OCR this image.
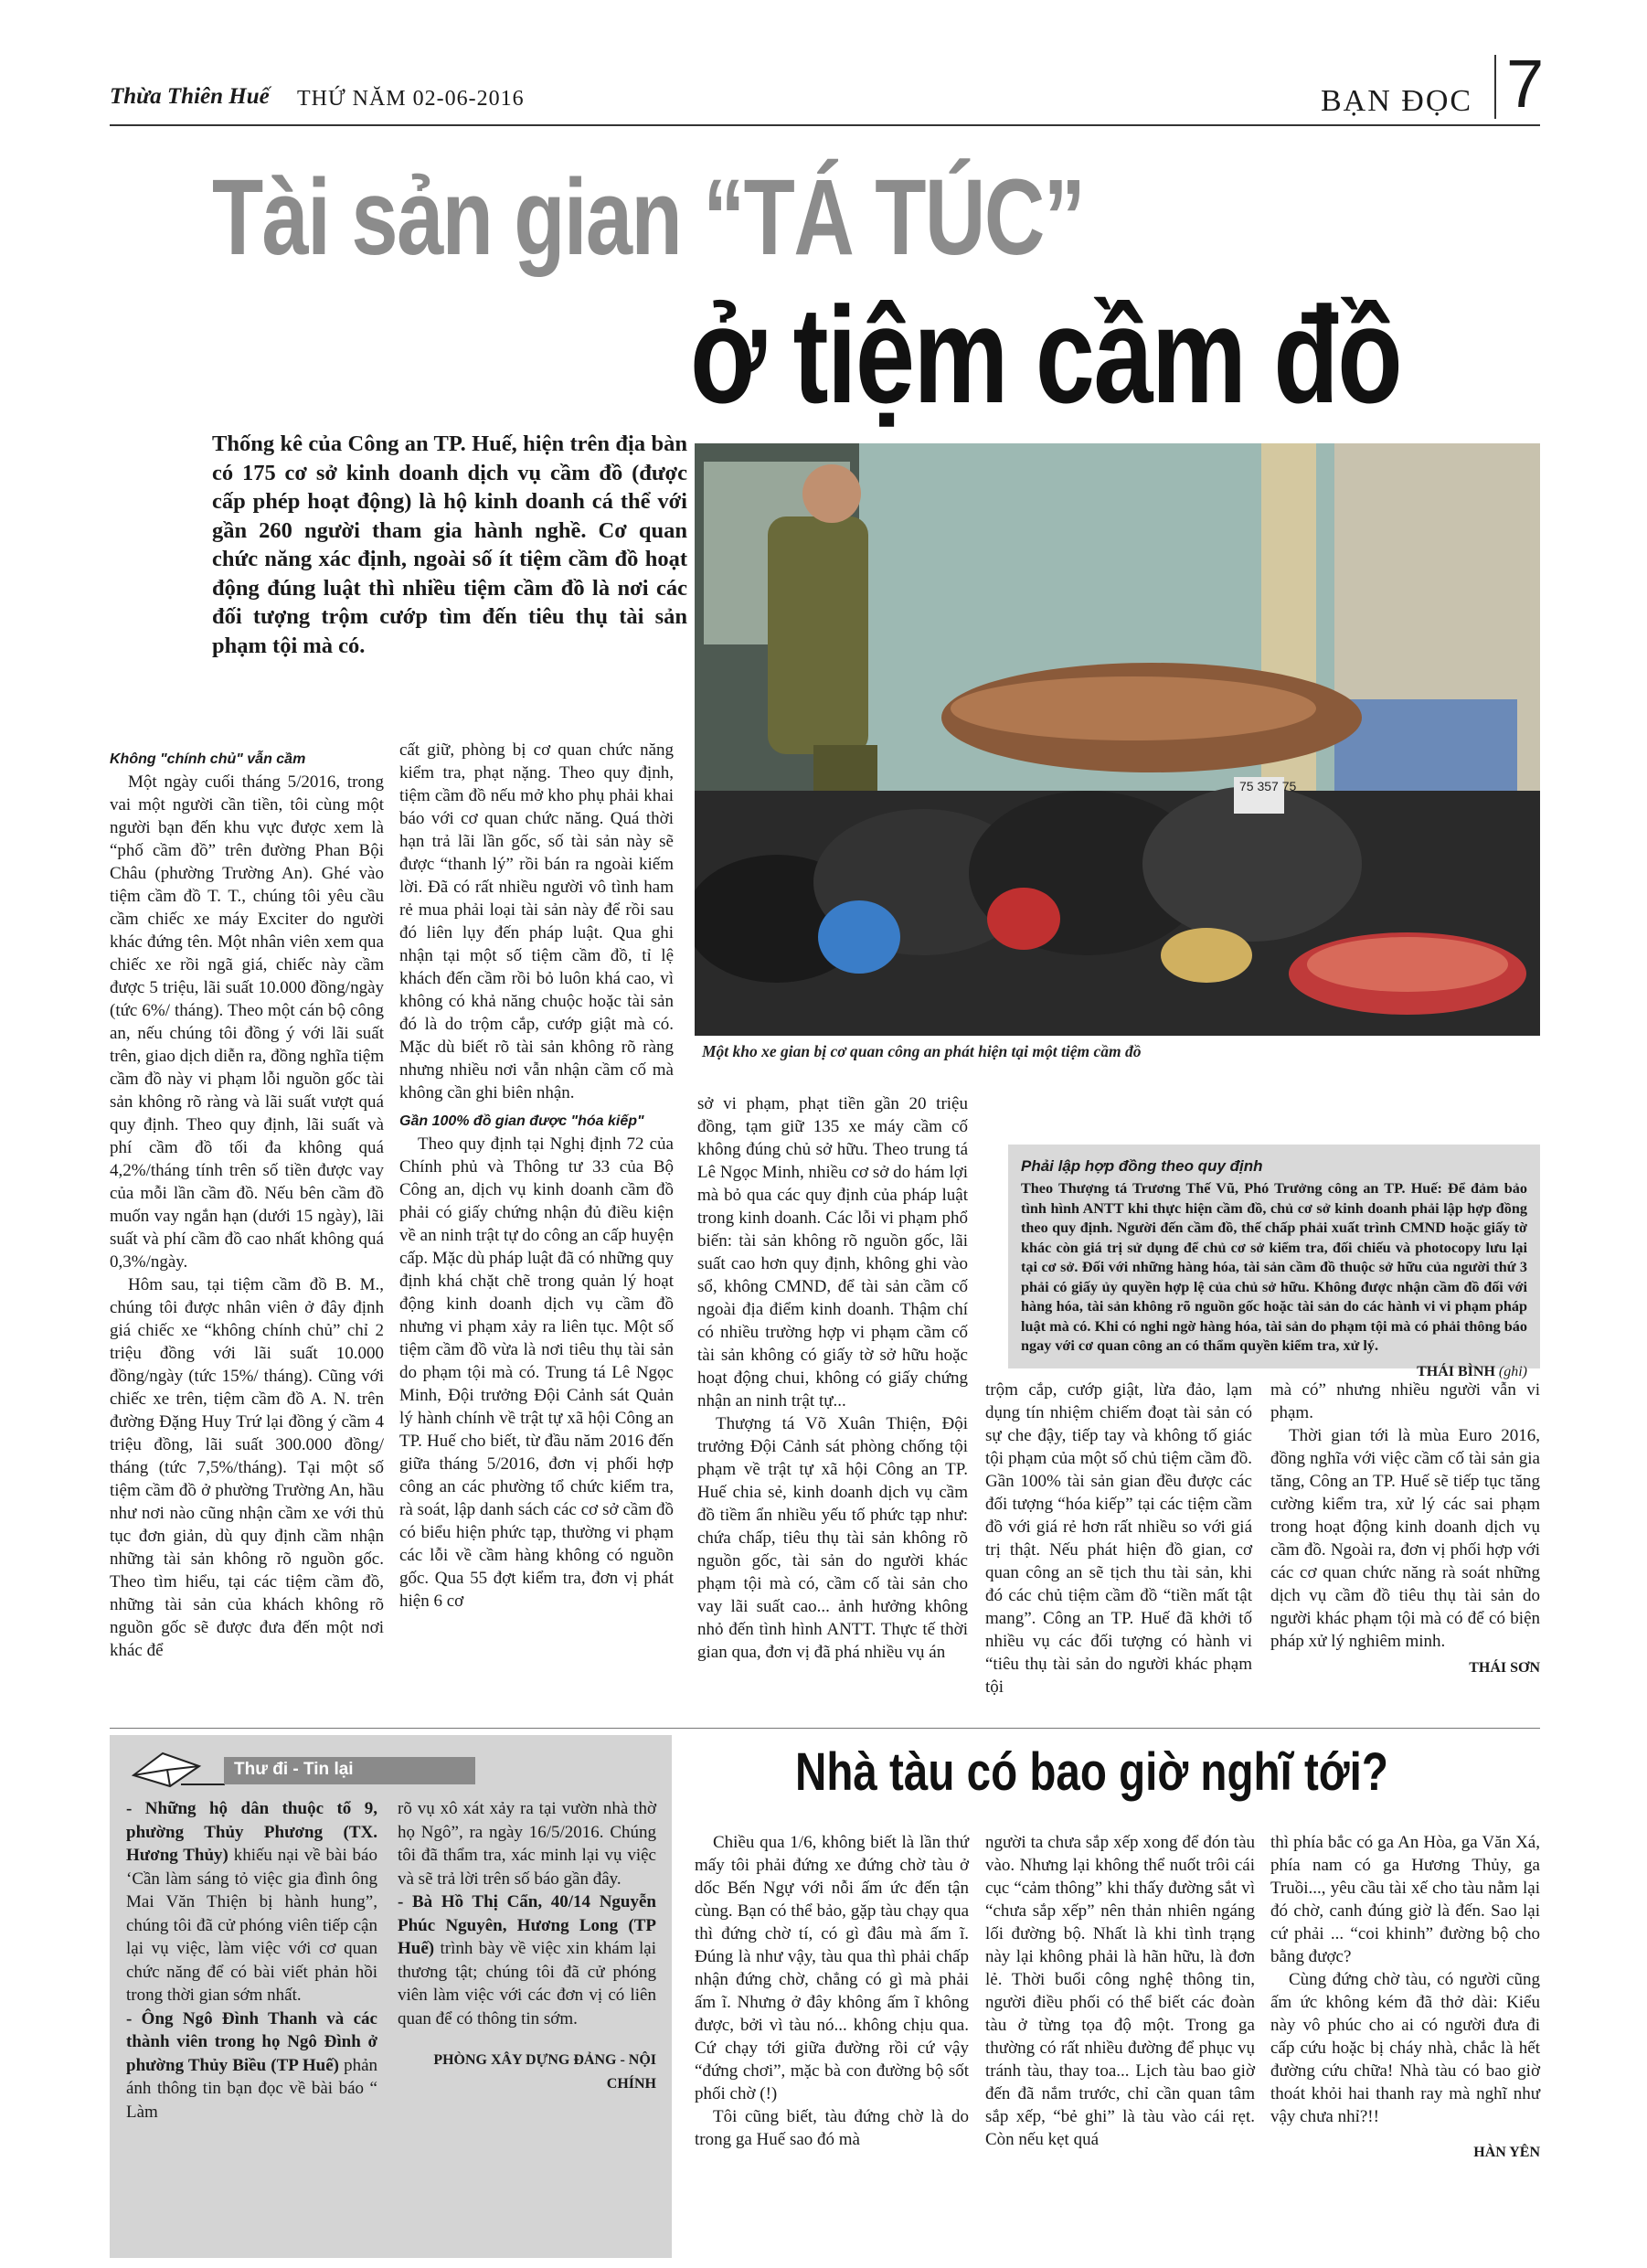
Thừa Thiên Huế THỨ NĂM 02-06-2016	BẠN ĐỌC 7
Tài sản gian “TÁ TÚC”
ở tiệm cầm đồ
Thống kê của Công an TP. Huế, hiện trên địa bàn có 175 cơ sở kinh doanh dịch vụ cầm đồ (được cấp phép hoạt động) là hộ kinh doanh cá thể với gần 260 người tham gia hành nghề. Cơ quan chức năng xác định, ngoài số ít tiệm cầm đồ hoạt động đúng luật thì nhiều tiệm cầm đồ là nơi các đối tượng trộm cướp tìm đến tiêu thụ tài sản phạm tội mà có.
75 357 75
Một kho xe gian bị cơ quan công an phát hiện tại một tiệm cầm đồ

Không "chính chủ" vẫn cầm

Một ngày cuối tháng 5/2016, trong vai một người cần tiền, tôi cùng một người bạn đến khu vực được xem là “phố cầm đồ” trên đường Phan Bội Châu (phường Trường An). Ghé vào tiệm cầm đồ T. T., chúng tôi yêu cầu cầm chiếc xe máy Exciter do người khác đứng tên. Một nhân viên xem qua chiếc xe rồi ngã giá, chiếc này cầm được 5 triệu, lãi suất 10.000 đồng/ngày (tức 6%/ tháng). Theo một cán bộ công an, nếu chúng tôi đồng ý với lãi suất trên, giao dịch diễn ra, đồng nghĩa tiệm cầm đồ này vi phạm lỗi nguồn gốc tài sản không rõ ràng và lãi suất vượt quá quy định. Theo quy định, lãi suất và phí cầm đồ tối đa không quá 4,2%/tháng tính trên số tiền được vay của mỗi lần cầm đồ. Nếu bên cầm đồ muốn vay ngắn hạn (dưới 15 ngày), lãi suất và phí cầm đồ cao nhất không quá 0,3%/ngày.

Hôm sau, tại tiệm cầm đồ B. M., chúng tôi được nhân viên ở đây định giá chiếc xe “không chính chủ” chỉ 2 triệu đồng với lãi suất 10.000 đồng/ngày (tức 15%/ tháng). Cũng với chiếc xe trên, tiệm cầm đồ A. N. trên đường Đặng Huy Trứ lại đồng ý cầm 4 triệu đồng, lãi suất 300.000 đồng/ tháng (tức 7,5%/tháng). Tại một số tiệm cầm đồ ở phường Trường An, hầu như nơi nào cũng nhận cầm xe với thủ tục đơn giản, dù quy định cầm nhận những tài sản không rõ nguồn gốc. Theo tìm hiểu, tại các tiệm cầm đồ, những tài sản của khách không rõ nguồn gốc sẽ được đưa đến một nơi khác để

cất giữ, phòng bị cơ quan chức năng kiểm tra, phạt nặng. Theo quy định, tiệm cầm đồ nếu mở kho phụ phải khai báo với cơ quan chức năng. Quá thời hạn trả lãi lần gốc, số tài sản này sẽ được “thanh lý” rồi bán ra ngoài kiếm lời. Đã có rất nhiều người vô tình ham rẻ mua phải loại tài sản này để rồi sau đó liên lụy đến pháp luật. Qua ghi nhận tại một số tiệm cầm đồ, tỉ lệ khách đến cầm rồi bỏ luôn khá cao, vì không có khả năng chuộc hoặc tài sản đó là do trộm cắp, cướp giật mà có. Mặc dù biết rõ tài sản không rõ ràng nhưng nhiều nơi vẫn nhận cầm cố mà không cần ghi biên nhận.

Gần 100% đồ gian được "hóa kiếp"

Theo quy định tại Nghị định 72 của Chính phủ và Thông tư 33 của Bộ Công an, dịch vụ kinh doanh cầm đồ phải có giấy chứng nhận đủ điều kiện về an ninh trật tự do công an cấp huyện cấp. Mặc dù pháp luật đã có những quy định khá chặt chẽ trong quản lý hoạt động kinh doanh dịch vụ cầm đồ nhưng vi phạm xảy ra liên tục. Một số tiệm cầm đồ vừa là nơi tiêu thụ tài sản do phạm tội mà có. Trung tá Lê Ngọc Minh, Đội trưởng Đội Cảnh sát Quản lý hành chính về trật tự xã hội Công an TP. Huế cho biết, từ đầu năm 2016 đến giữa tháng 5/2016, đơn vị phối hợp công an các phường tổ chức kiểm tra, rà soát, lập danh sách các cơ sở cầm đồ có biểu hiện phức tạp, thường vi phạm các lỗi về cầm hàng không có nguồn gốc. Qua 55 đợt kiểm tra, đơn vị phát hiện 6 cơ

sở vi phạm, phạt tiền gần 20 triệu đồng, tạm giữ 135 xe máy cầm cố không đúng chủ sở hữu. Theo trung tá Lê Ngọc Minh, nhiều cơ sở do hám lợi mà bỏ qua các quy định của pháp luật trong kinh doanh. Các lỗi vi phạm phổ biến: tài sản không rõ nguồn gốc, lãi suất cao hơn quy định, không ghi vào sổ, không CMND, để tài sản cầm cố ngoài địa điểm kinh doanh. Thậm chí có nhiều trường hợp vi phạm cầm cố tài sản không có giấy tờ sở hữu hoặc hoạt động chui, không có giấy chứng nhận an ninh trật tự...

Thượng tá Võ Xuân Thiện, Đội trưởng Đội Cảnh sát phòng chống tội phạm về trật tự xã hội Công an TP. Huế chia sẻ, kinh doanh dịch vụ cầm đồ tiềm ẩn nhiều yếu tố phức tạp như: chứa chấp, tiêu thụ tài sản không rõ nguồn gốc, tài sản do người khác phạm tội mà có, cầm cố tài sản cho vay lãi suất cao... ảnh hưởng không nhỏ đến tình hình ANTT. Thực tế thời gian qua, đơn vị đã phá nhiều vụ án

Phải lập hợp đồng theo quy định
Theo Thượng tá Trương Thế Vũ, Phó Trưởng công an TP. Huế: Để đảm bảo tình hình ANTT khi thực hiện cầm đồ, chủ cơ sở kinh doanh phải lập hợp đồng theo quy định. Người đến cầm đồ, thế chấp phải xuất trình CMND hoặc giấy tờ khác còn giá trị sử dụng để chủ cơ sở kiểm tra, đối chiếu và photocopy lưu lại tại cơ sở. Đối với những hàng hóa, tài sản cầm đồ thuộc sở hữu của người thứ 3 phải có giấy ủy quyền hợp lệ của chủ sở hữu. Không được nhận cầm đồ đối với hàng hóa, tài sản không rõ nguồn gốc hoặc tài sản do các hành vi vi phạm pháp luật mà có. Khi có nghi ngờ hàng hóa, tài sản do phạm tội mà có phải thông báo ngay với cơ quan công an có thẩm quyền kiểm tra, xử lý.
THÁI BÌNH (ghi)

trộm cắp, cướp giật, lừa đảo, lạm dụng tín nhiệm chiếm đoạt tài sản có sự che đậy, tiếp tay và không tố giác tội phạm của một số chủ tiệm cầm đồ. Gần 100% tài sản gian đều được các đối tượng “hóa kiếp” tại các tiệm cầm đồ với giá rẻ hơn rất nhiều so với giá trị thật. Nếu phát hiện đồ gian, cơ quan công an sẽ tịch thu tài sản, khi đó các chủ tiệm cầm đồ “tiền mất tật mang”. Công an TP. Huế đã khởi tố nhiều vụ các đối tượng có hành vi “tiêu thụ tài sản do người khác phạm tội

mà có” nhưng nhiều người vẫn vi phạm.

Thời gian tới là mùa Euro 2016, đồng nghĩa với việc cầm cố tài sản gia tăng, Công an TP. Huế sẽ tiếp tục tăng cường kiểm tra, xử lý các sai phạm trong hoạt động kinh doanh dịch vụ cầm đồ. Ngoài ra, đơn vị phối hợp với các cơ quan chức năng rà soát những dịch vụ cầm đồ tiêu thụ tài sản do người khác phạm tội mà có để có biện pháp xử lý nghiêm minh.

THÁI SƠN
Thư đi - Tin lại
- Những hộ dân thuộc tổ 9, phường Thủy Phương (TX. Hương Thủy) khiếu nại về bài báo ‘Cần làm sáng tỏ việc gia đình ông Mai Văn Thiện bị hành hung”, chúng tôi đã cử phóng viên tiếp cận lại vụ việc, làm việc với cơ quan chức năng để có bài viết phản hồi trong thời gian sớm nhất.
- Ông Ngô Đình Thanh và các thành viên trong họ Ngô Đình ở phường Thủy Biều (TP Huế) phản ánh thông tin bạn đọc về bài báo “ Làm
rõ vụ xô xát xảy ra tại vườn nhà thờ họ Ngô”, ra ngày 16/5/2016. Chúng tôi đã thẩm tra, xác minh lại vụ việc và sẽ trả lời trên số báo gần đây.
- Bà Hồ Thị Cẩn, 40/14 Nguyễn Phúc Nguyên, Hương Long (TP Huế) trình bày về việc xin khám lại thương tật; chúng tôi đã cử phóng viên làm việc với các đơn vị có liên quan để có thông tin sớm.
PHÒNG XÂY DỰNG ĐẢNG - NỘI CHÍNH
Nhà tàu có bao giờ nghĩ tới?

Chiều qua 1/6, không biết là lần thứ mấy tôi phải đứng xe đứng chờ tàu ở dốc Bến Ngự với nỗi ấm ức đến tận cùng. Bạn có thể bảo, gặp tàu chạy qua thì đứng chờ tí, có gì đâu mà ấm ĩ. Đúng là như vậy, tàu qua thì phải chấp nhận đứng chờ, chẳng có gì mà phải ấm ĩ. Nhưng ở đây không ấm ĩ không được, bởi vì tàu nó... không chịu qua. Cứ chạy tới giữa đường rồi cứ vậy “đứng chơi”, mặc bà con đường bộ sốt phối chờ (!)

Tôi cũng biết, tàu đứng chờ là do trong ga Huế sao đó mà

người ta chưa sắp xếp xong để đón tàu vào. Nhưng lại không thể nuốt trôi cái cục “cảm thông” khi thấy đường sắt vì “chưa sắp xếp” nên thản nhiên ngáng lối đường bộ. Nhất là khi tình trạng này lại không phải là hãn hữu, là đơn lẻ. Thời buổi công nghệ thông tin, người điều phối có thể biết các đoàn tàu ở từng tọa độ một. Trong ga thường có rất nhiều đường để phục vụ tránh tàu, thay toa... Lịch tàu bao giờ đến đã nắm trước, chỉ cần quan tâm sắp xếp, “bẻ ghi” là tàu vào cái rẹt. Còn nếu kẹt quá

thì phía bắc có ga An Hòa, ga Văn Xá, phía nam có ga Hương Thủy, ga Truồi..., yêu cầu tài xế cho tàu nằm lại đó chờ, canh đúng giờ là đến. Sao lại cứ phải ... “coi khinh” đường bộ cho bằng được?

Cùng đứng chờ tàu, có người cũng ấm ức không kém đã thở dài: Kiểu này vô phúc cho ai có người đưa đi cấp cứu hoặc bị cháy nhà, chắc là hết đường cứu chữa! Nhà tàu có bao giờ thoát khỏi hai thanh ray mà nghĩ như vậy chưa nhỉ?!!

HÀN YÊN
